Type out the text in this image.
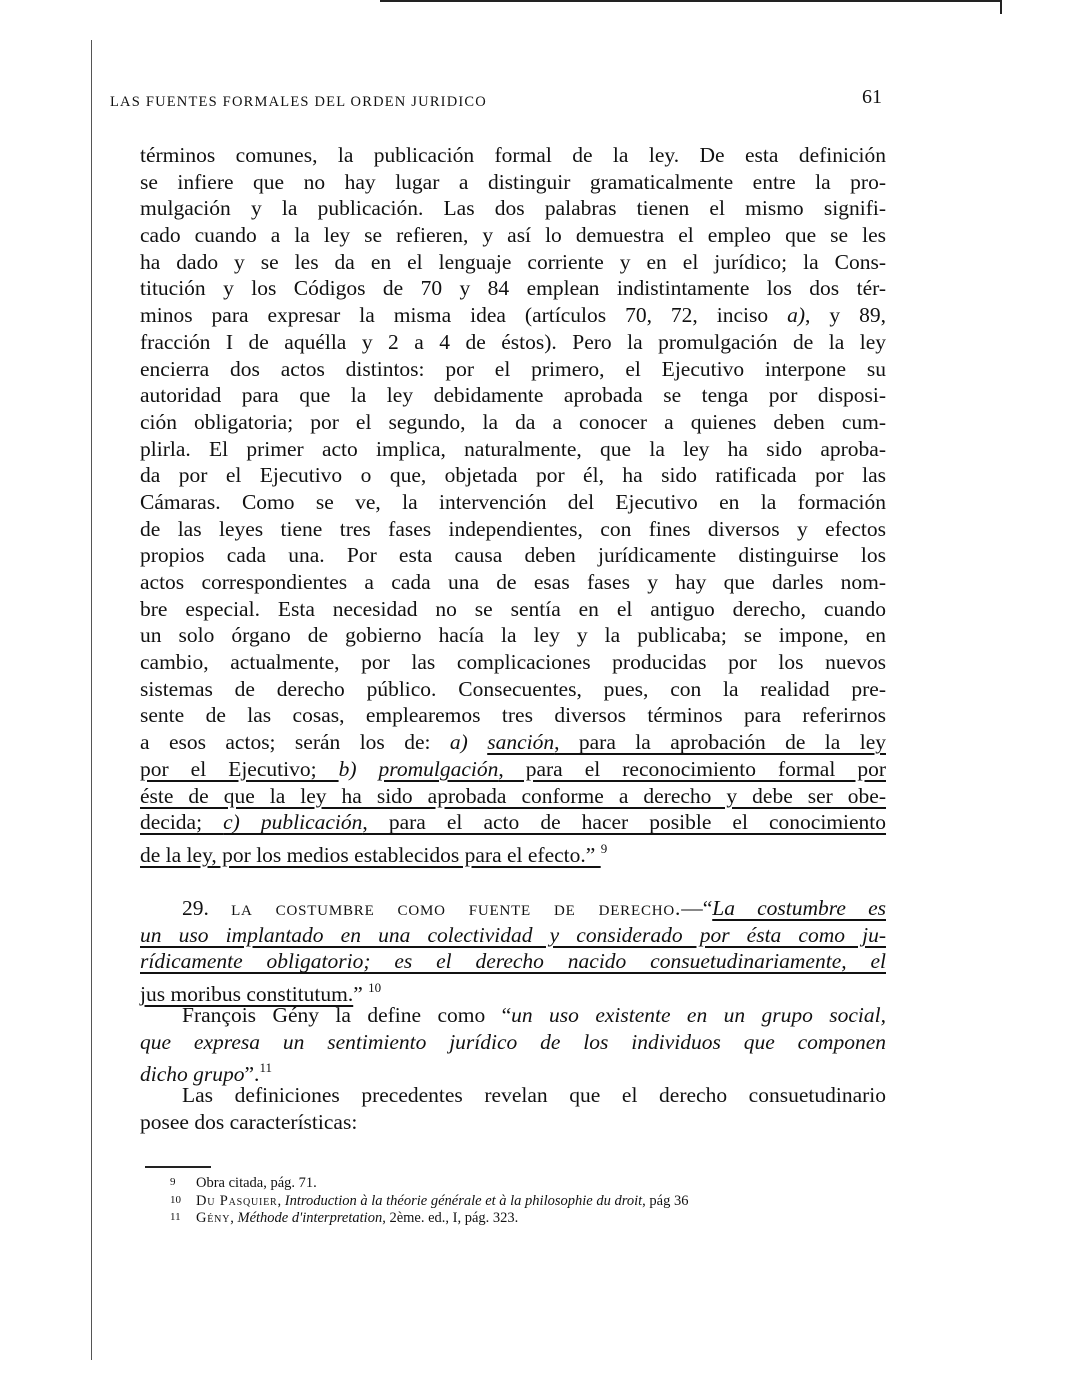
LAS FUENTES FORMALES DEL ORDEN JURIDICO	61
términos comunes, la publicación formal de la ley. De esta definición
se infiere que no hay lugar a distinguir gramaticalmente entre la pro-
mulgación y la publicación. Las dos palabras tienen el mismo signifi-
cado cuando a la ley se refieren, y así lo demuestra el empleo que se les
ha dado y se les da en el lenguaje corriente y en el jurídico; la Cons-
titución y los Códigos de 70 y 84 emplean indistintamente los dos tér-
minos para expresar la misma idea (artículos 70, 72, inciso a), y 89,
fracción I de aquélla y 2 a 4 de éstos). Pero la promulgación de la ley
encierra dos actos distintos: por el primero, el Ejecutivo interpone su
autoridad para que la ley debidamente aprobada se tenga por disposi-
ción obligatoria; por el segundo, la da a conocer a quienes deben cum-
plirla. El primer acto implica, naturalmente, que la ley ha sido aproba-
da por el Ejecutivo o que, objetada por él, ha sido ratificada por las
Cámaras. Como se ve, la intervención del Ejecutivo en la formación
de las leyes tiene tres fases independientes, con fines diversos y efectos
propios cada una. Por esta causa deben jurídicamente distinguirse los
actos correspondientes a cada una de esas fases y hay que darles nom-
bre especial. Esta necesidad no se sentía en el antiguo derecho, cuando
un solo órgano de gobierno hacía la ley y la publicaba; se impone, en
cambio, actualmente, por las complicaciones producidas por los nuevos
sistemas de derecho público. Consecuentes, pues, con la realidad pre-
sente de las cosas, emplearemos tres diversos términos para referirnos
a esos actos; serán los de: a) sanción, para la aprobación de la ley
por el Ejecutivo; b) promulgación, para el reconocimiento formal por
éste de que la ley ha sido aprobada conforme a derecho y debe ser obe-
decida; c) publicación, para el acto de hacer posible el conocimiento
de la ley, por los medios establecidos para el efecto.” $^9$
29. la costumbre como fuente de derecho.—“La costumbre es
un uso implantado en una colectividad y considerado por ésta como ju-
rídicamente obligatorio; es el derecho nacido consuetudinariamente, el
jus moribus constitutum.” $^{10}$
François Gény la define como “un uso existente en un grupo social,
que expresa un sentimiento jurídico de los individuos que componen
dicho grupo”.$^{11}$
Las definiciones precedentes revelan que el derecho consuetudinario
posee dos características:
9 Obra citada, pág. 71.
10 Du Pasquier, Introduction à la théorie générale et à la philosophie du droit, pág 36
11 Gény, Méthode d'interpretation, 2ème. ed., I, pág. 323.
